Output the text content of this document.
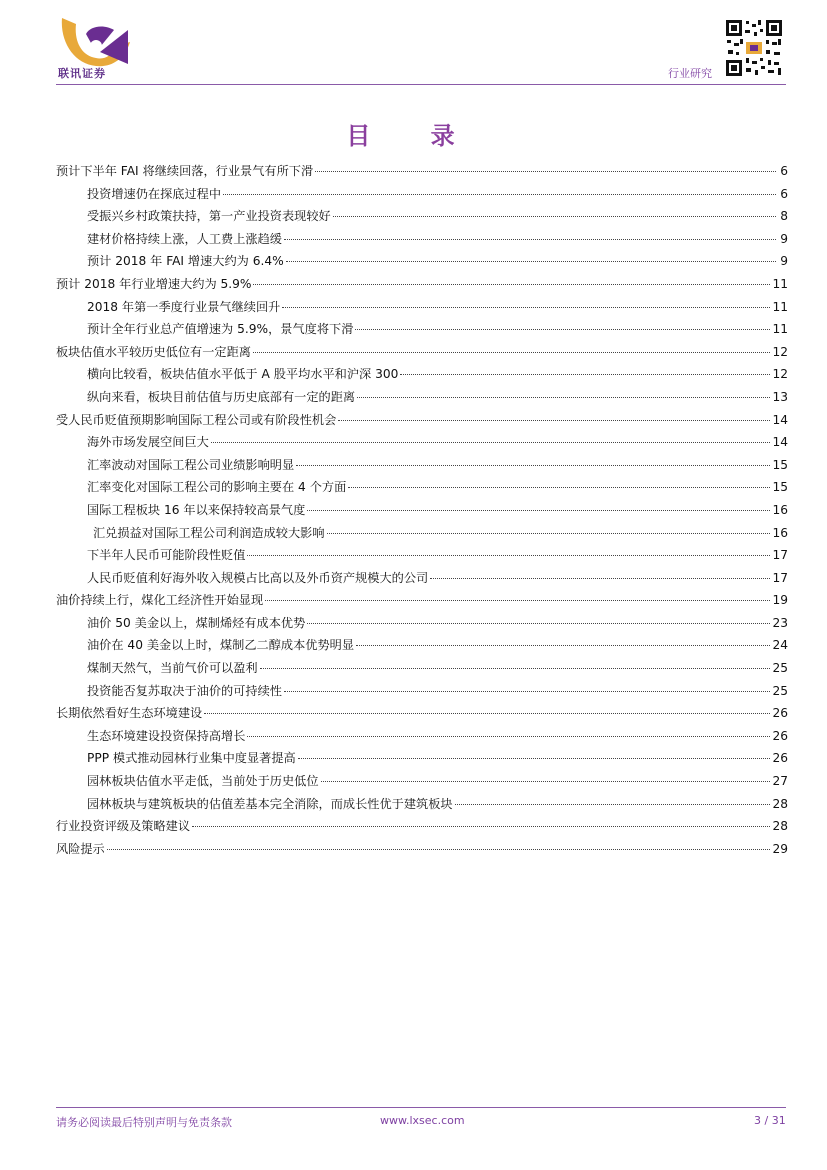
联讯证券	行业研究
目 录
预计下半年 FAI 将继续回落，行业景气有所下滑	6
投资增速仍在探底过程中	6
受振兴乡村政策扶持，第一产业投资表现较好	8
建材价格持续上涨，人工费上涨趋缓	9
预计 2018 年 FAI 增速大约为 6.4%	9
预计 2018 年行业增速大约为 5.9%	11
2018 年第一季度行业景气继续回升	11
预计全年行业总产值增速为 5.9%，景气度将下滑	11
板块估值水平较历史低位有一定距离	12
横向比较看，板块估值水平低于 A 股平均水平和沪深 300	12
纵向来看，板块目前估值与历史底部有一定的距离	13
受人民币贬值预期影响国际工程公司或有阶段性机会	14
海外市场发展空间巨大	14
汇率波动对国际工程公司业绩影响明显	15
汇率变化对国际工程公司的影响主要在 4 个方面	15
国际工程板块 16 年以来保持较高景气度	16
汇兑损益对国际工程公司利润造成较大影响	16
下半年人民币可能阶段性贬值	17
人民币贬值利好海外收入规模占比高以及外币资产规模大的公司	17
油价持续上行，煤化工经济性开始显现	19
油价 50 美金以上，煤制烯烃有成本优势	23
油价在 40 美金以上时，煤制乙二醇成本优势明显	24
煤制天然气，当前气价可以盈利	25
投资能否复苏取决于油价的可持续性	25
长期依然看好生态环境建设	26
生态环境建设投资保持高增长	26
PPP 模式推动园林行业集中度显著提高	26
园林板块估值水平走低，当前处于历史低位	27
园林板块与建筑板块的估值差基本完全消除，而成长性优于建筑板块	28
行业投资评级及策略建议	28
风险提示	29
请务必阅读最后特别声明与免责条款	www.lxsec.com	3 / 31
